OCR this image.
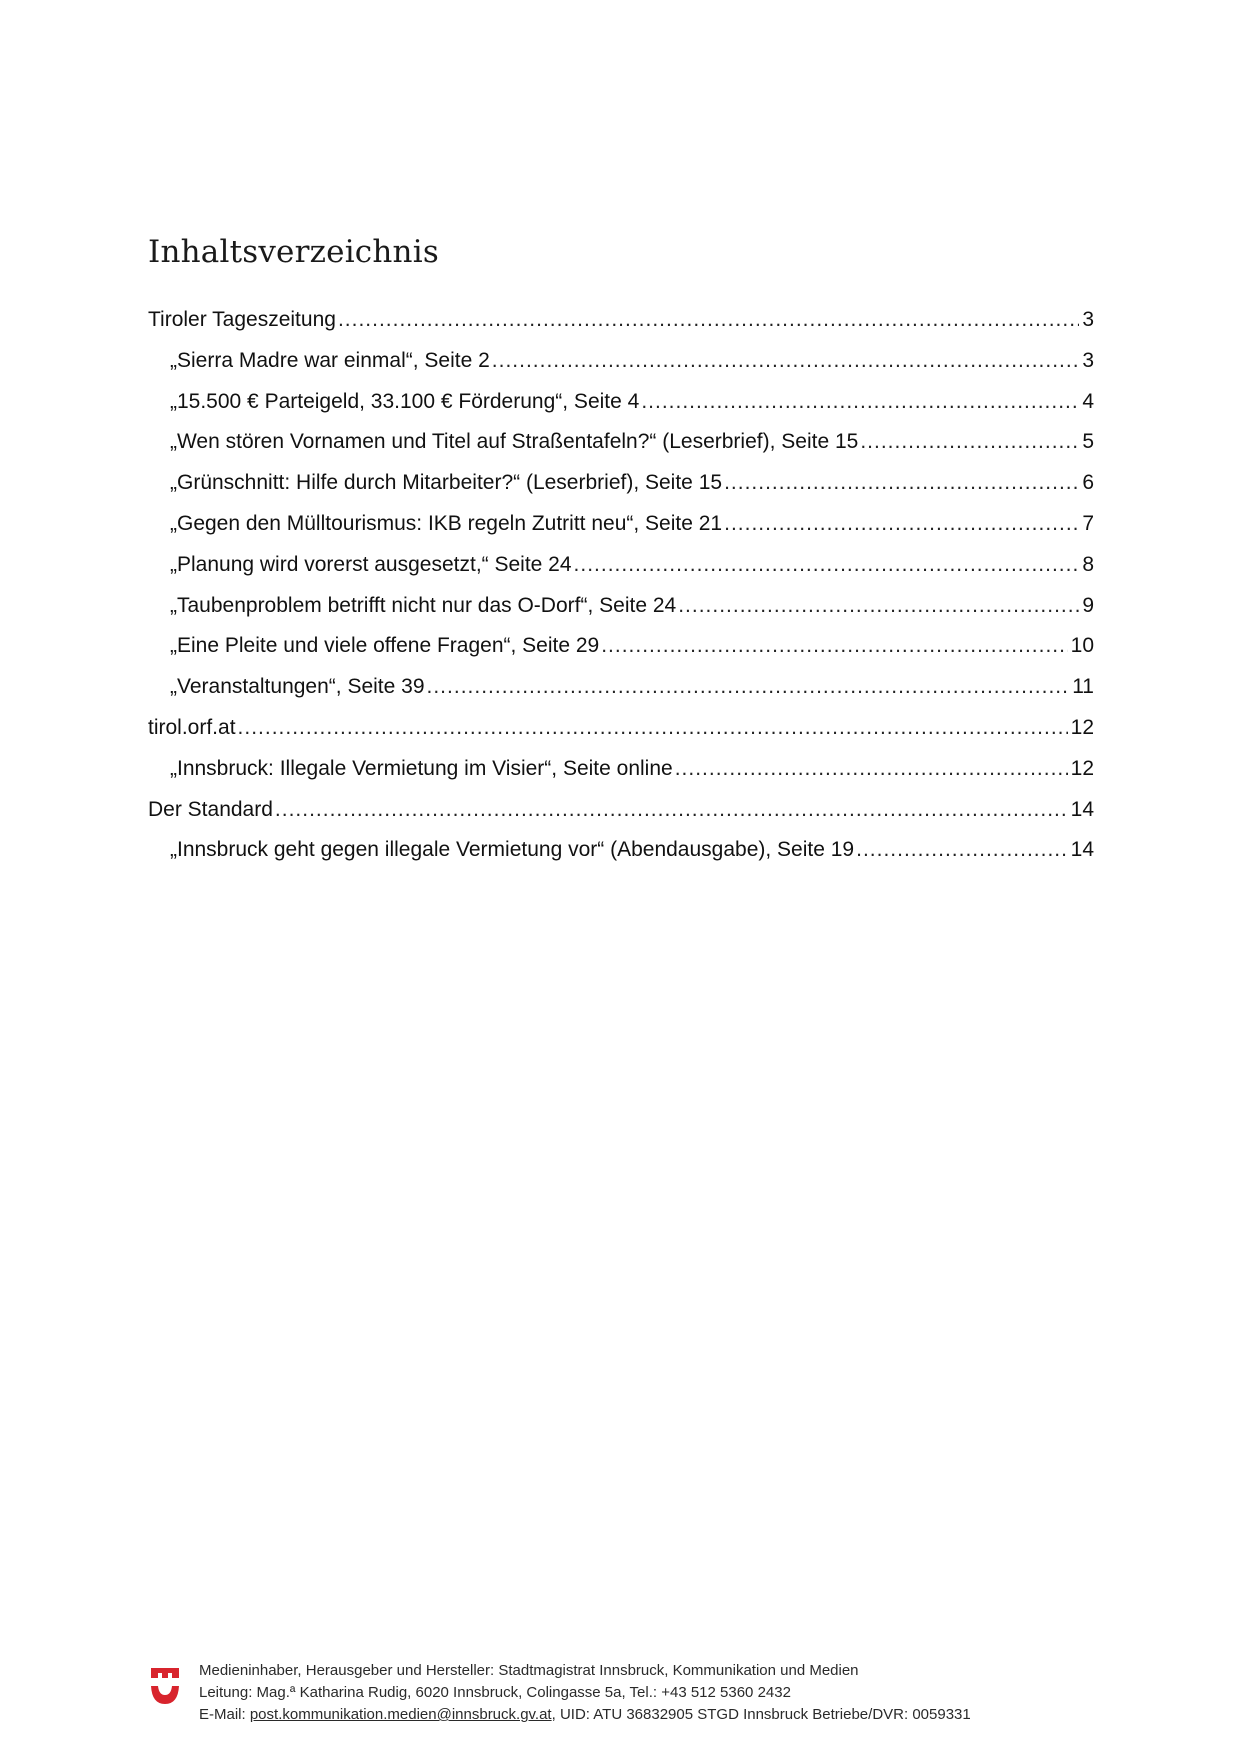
Inhaltsverzeichnis
Tiroler Tageszeitung .....	3
„Sierra Madre war einmal“, Seite 2 .....	3
„15.500 € Parteigeld, 33.100 € Förderung“, Seite 4 .....	4
„Wen stören Vornamen und Titel auf Straßentafeln?“ (Leserbrief), Seite 15 .....	5
„Grünschnitt: Hilfe durch Mitarbeiter?“ (Leserbrief), Seite 15 .....	6
„Gegen den Mülltourismus: IKB regeln Zutritt neu“, Seite 21 .....	7
„Planung wird vorerst ausgesetzt,“ Seite 24 .....	8
„Taubenproblem betrifft nicht nur das O-Dorf“, Seite 24 .....	9
„Eine Pleite und viele offene Fragen“, Seite 29 .....	10
„Veranstaltungen“, Seite 39 .....	11
tirol.orf.at .....	12
„Innsbruck: Illegale Vermietung im Visier“, Seite online .....	12
Der Standard .....	14
„Innsbruck geht gegen illegale Vermietung vor“ (Abendausgabe), Seite 19 .....	14
Medieninhaber, Herausgeber und Hersteller: Stadtmagistrat Innsbruck, Kommunikation und Medien
Leitung: Mag.ª Katharina Rudig, 6020 Innsbruck, Colingasse 5a, Tel.: +43 512 5360 2432
E-Mail: post.kommunikation.medien@innsbruck.gv.at, UID: ATU 36832905 STGD Innsbruck Betriebe/DVR: 0059331
